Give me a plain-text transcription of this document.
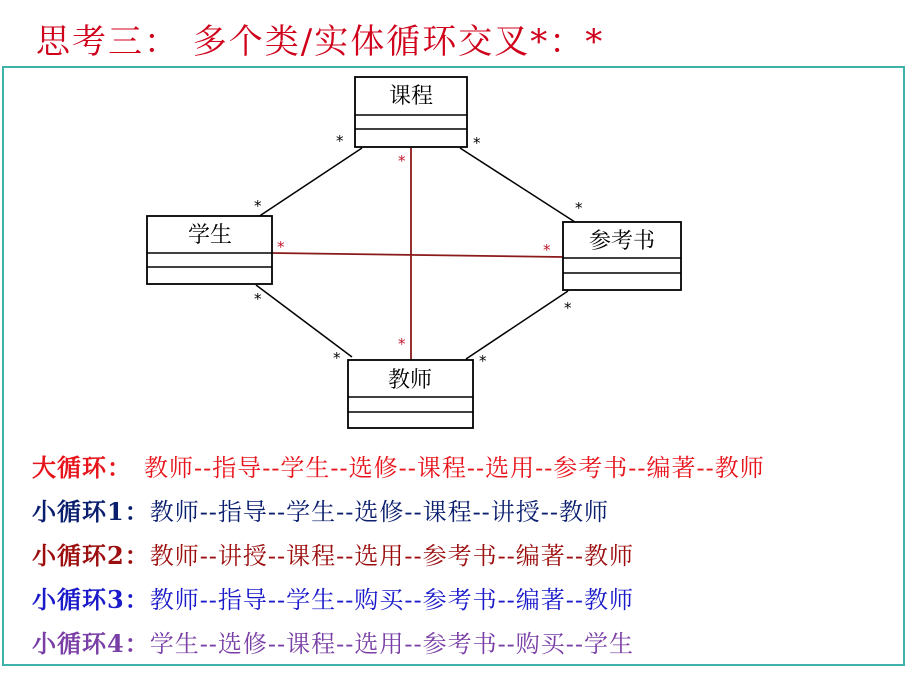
思考三： 多个类/实体循环交叉*：*
课程
学生	参考书
教师
*	*
*	*
*	*
*	*
*
*
*	*
大循环： 教师--指导--学生--选修--课程--选用--参考书--编著--教师
小循环1：教师--指导--学生--选修--课程--讲授--教师
小循环2：教师--讲授--课程--选用--参考书--编著--教师
小循环3：教师--指导--学生--购买--参考书--编著--教师
小循环4：学生--选修--课程--选用--参考书--购买--学生
